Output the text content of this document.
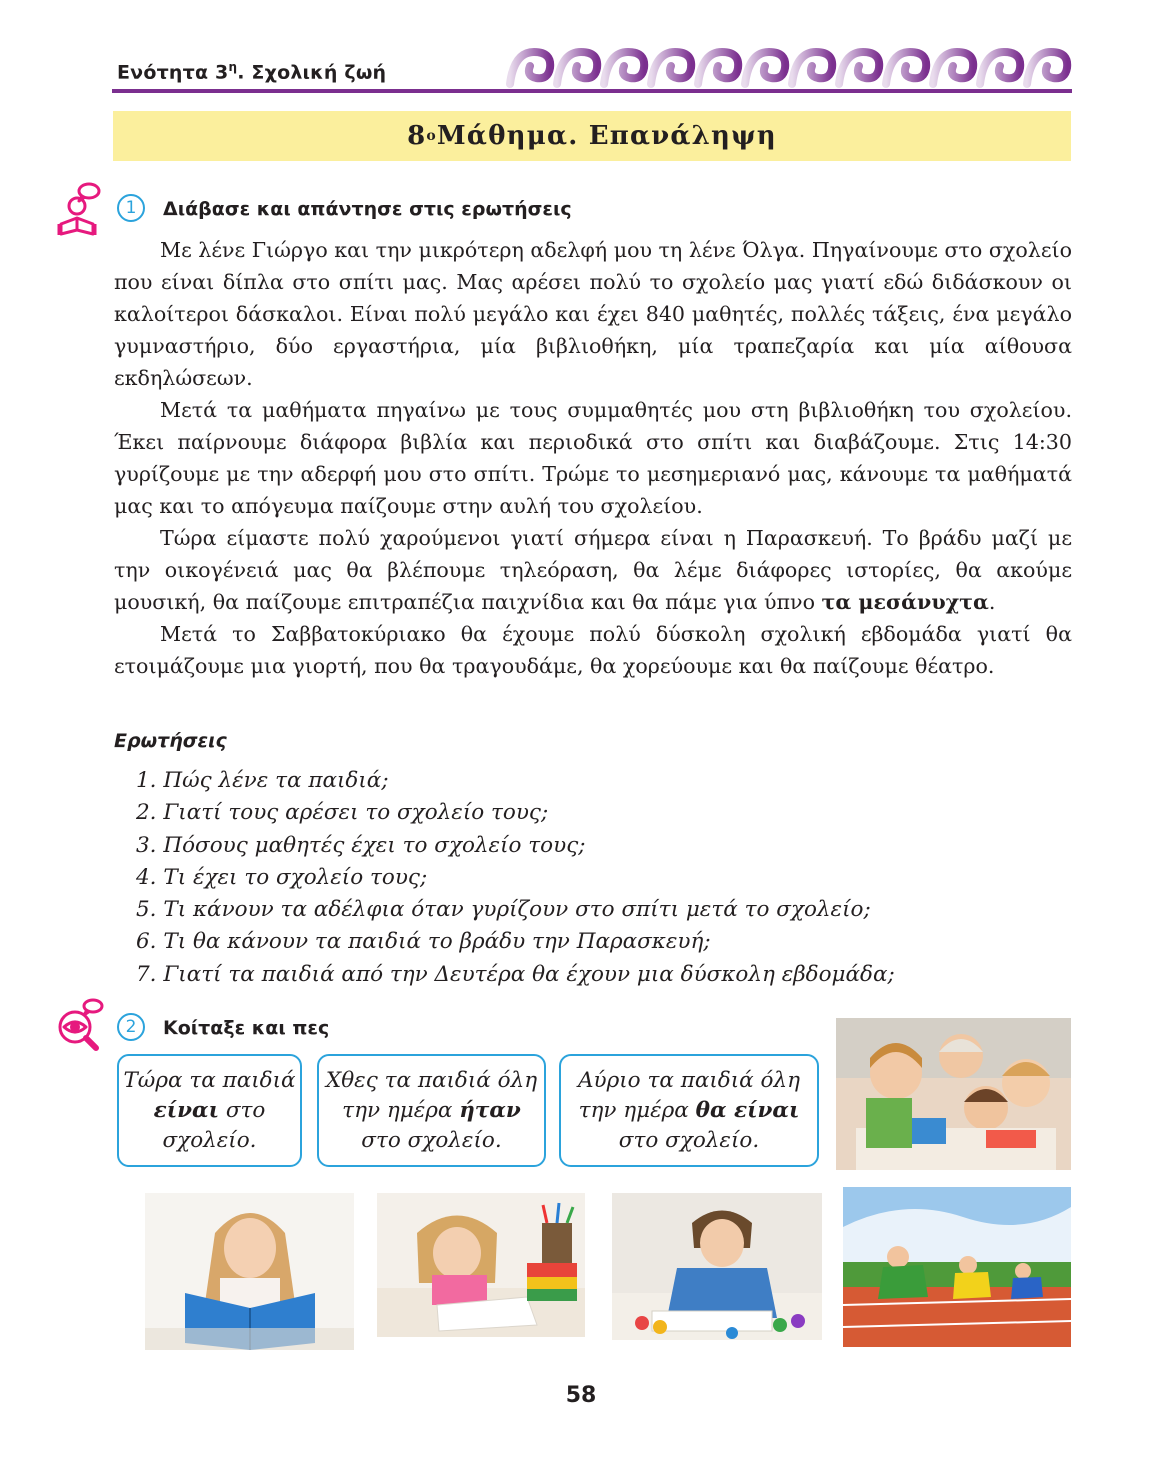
Ενότητα $3^\eta$. Σχολική ζωή
8 ο Μάθημα. Επανάληψη
1 Διάβασε και απάντησε στις ερωτήσεις

Με λένε Γιώργο και την μικρότερη αδελφή μου τη λένε Όλγα. Πηγαίνουμε στο σχολείο που είναι δίπλα στο σπίτι μας. Μας αρέσει πολύ το σχολείο μας γιατί εδώ διδάσκουν οι καλοίτεροι δάσκαλοι. Είναι πολύ μεγάλο και έχει 840 μαθητές, πολλές τάξεις, ένα μεγάλο γυμναστήριο, δύο εργαστήρια, μία βιβλιοθήκη, μία τραπεζαρία και μία αίθουσα εκδηλώσεων.

Μετά τα μαθήματα πηγαίνω με τους συμμαθητές μου στη βιβλιοθήκη του σχολείου. Έκει παίρνουμε διάφορα βιβλία και περιοδικά στο σπίτι και διαβάζουμε. Στις 14:30 γυρίζουμε με την αδερφή μου στο σπίτι. Τρώμε το μεσημεριανό μας, κάνουμε τα μαθήματά μας και το απόγευμα παίζουμε στην αυλή του σχολείου.

Τώρα είμαστε πολύ χαρούμενοι γιατί σήμερα είναι η Παρασκευή. Το βράδυ μαζί με την οικογένειά μας θα βλέπουμε τηλεόραση, θα λέμε διάφορες ιστορίες, θα ακούμε μουσική, θα παίζουμε επιτραπέζια παιχνίδια και θα πάμε για ύπνο τα μεσάνυχτα.

Μετά το Σαββατοκύριακο θα έχουμε πολύ δύσκολη σχολική εβδομάδα γιατί θα ετοιμάζουμε μια γιορτή, που θα τραγουδάμε, θα χορεύουμε και θα παίζουμε θέατρο.

Ερωτήσεις
1. Πώς λένε τα παιδιά;
2. Γιατί τους αρέσει το σχολείο τους;
3. Πόσους μαθητές έχει το σχολείο τους;
4. Τι έχει το σχολείο τους;
5. Τι κάνουν τα αδέλφια όταν γυρίζουν στο σπίτι μετά το σχολείο;
6. Τι θα κάνουν τα παιδιά το βράδυ την Παρασκευή;
7. Γιατί τα παιδιά από την Δευτέρα θα έχουν μια δύσκολη εβδομάδα;
2 Κοίταξε και πες
Τώρα τα παιδιά
είναι στο
σχολείο.
Χθες τα παιδιά όλη
την ημέρα ήταν
στο σχολείο.
Αύριο τα παιδιά όλη
την ημέρα θα είναι
στο σχολείο.
58
